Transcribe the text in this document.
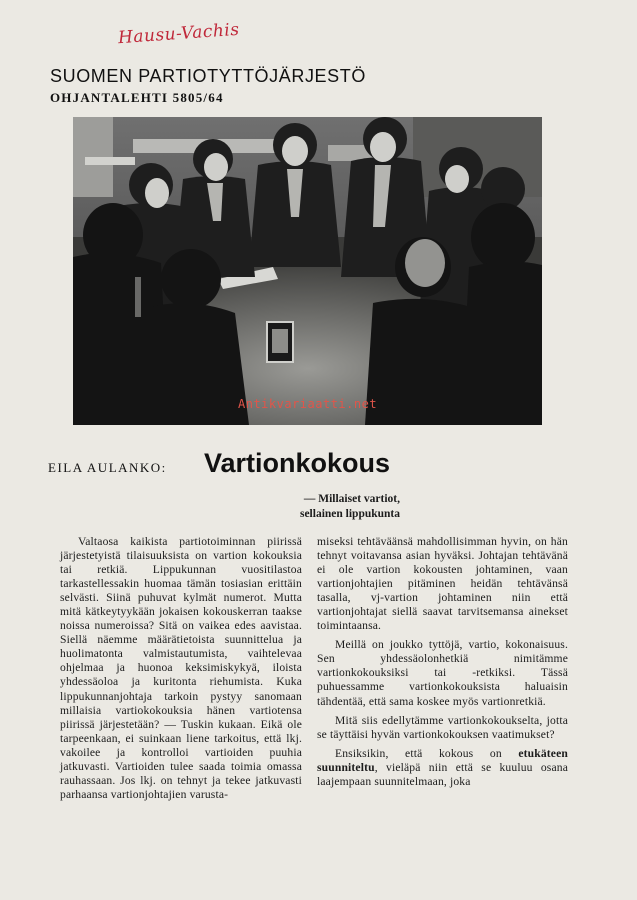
Hausu-Vachis
SUOMEN PARTIOTYTTÖJÄRJESTÖ
OHJANTALEHTI 5805/64
Antikvariaatti.net
EILA AULANKO: Vartionkokous
— Millaiset vartiot,
sellainen lippukunta

Valtaosa kaikista partiotoiminnan piirissä järjestetyistä tilaisuuksista on vartion kokouksia tai retkiä. Lippukunnan vuositilastoa tarkastellessakin huomaa tämän tosiasian erittäin selvästi. Siinä puhuvat kylmät numerot. Mutta mitä kätkeytyykään jokaisen kokouskerran taakse noissa numeroissa? Sitä on vaikea edes aavistaa. Siellä näemme määrätietoista suunnittelua ja huolimatonta valmistautumista, vaihtelevaa ohjelmaa ja huonoa keksimiskykyä, iloista yhdessäoloa ja kuritonta riehumista. Kuka lippukunnanjohtaja tarkoin pystyy sanomaan millaisia vartiokokouksia hänen vartiotensa piirissä järjestetään? — Tuskin kukaan. Eikä ole tarpeenkaan, ei suinkaan liene tarkoitus, että lkj. vakoilee ja kontrolloi vartioiden puuhia jatkuvasti. Vartioiden tulee saada toimia omassa rauhassaan. Jos lkj. on tehnyt ja tekee jatkuvasti parhaansa vartionjohtajien varusta-

miseksi tehtäväänsä mahdollisimman hyvin, on hän tehnyt voitavansa asian hyväksi. Johtajan tehtävänä ei ole vartion kokousten johtaminen, vaan vartionjohtajien pitäminen heidän tehtävänsä tasalla, vj-vartion johtaminen niin että vartionjohtajat siellä saavat tarvitsemansa ainekset toimintaansa.

Meillä on joukko tyttöjä, vartio, kokonaisuus. Sen yhdessäolonhetkiä nimitämme vartionkokouksiksi tai -retkiksi. Tässä puhuessamme vartionkokouksista haluaisin tähdentää, että sama koskee myös vartionretkiä.

Mitä siis edellytämme vartionkokoukselta, jotta se täyttäisi hyvän vartionkokouksen vaatimukset?

Ensiksikin, että kokous on etukäteen suunniteltu, vieläpä niin että se kuuluu osana laajempaan suunnitelmaan, joka
